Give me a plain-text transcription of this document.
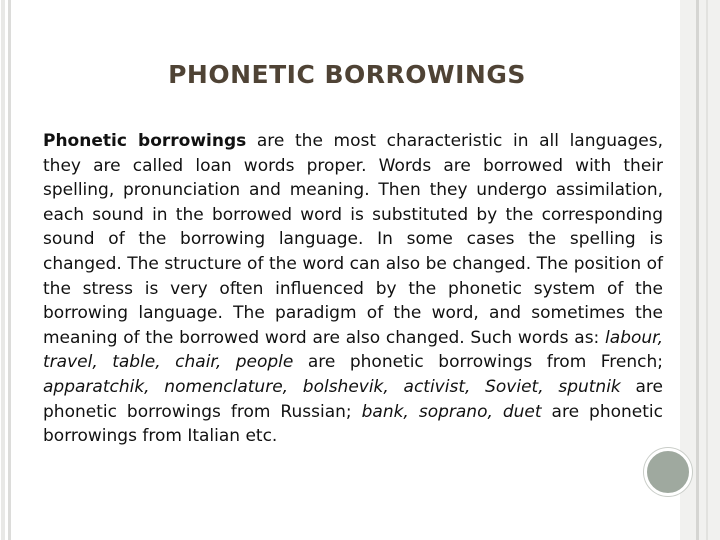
PHONETIC BORROWINGS

Phonetic borrowings are the most characteristic in all languages, they are called loan words proper. Words are borrowed with their spelling, pronunciation and meaning. Then they undergo assimilation, each sound in the borrowed word is substituted by the corresponding sound of the borrowing language. In some cases the spelling is changed. The structure of the word can also be changed. The position of the stress is very often influenced by the phonetic system of the borrowing language. The paradigm of the word, and sometimes the meaning of the borrowed word are also changed. Such words as: labour, travel, table, chair, people are phonetic borrowings from French; apparatchik, nomenclature, bolshevik, activist, Soviet, sputnik are phonetic borrowings from Russian; bank, soprano, duet are phonetic borrowings from Italian etc.
